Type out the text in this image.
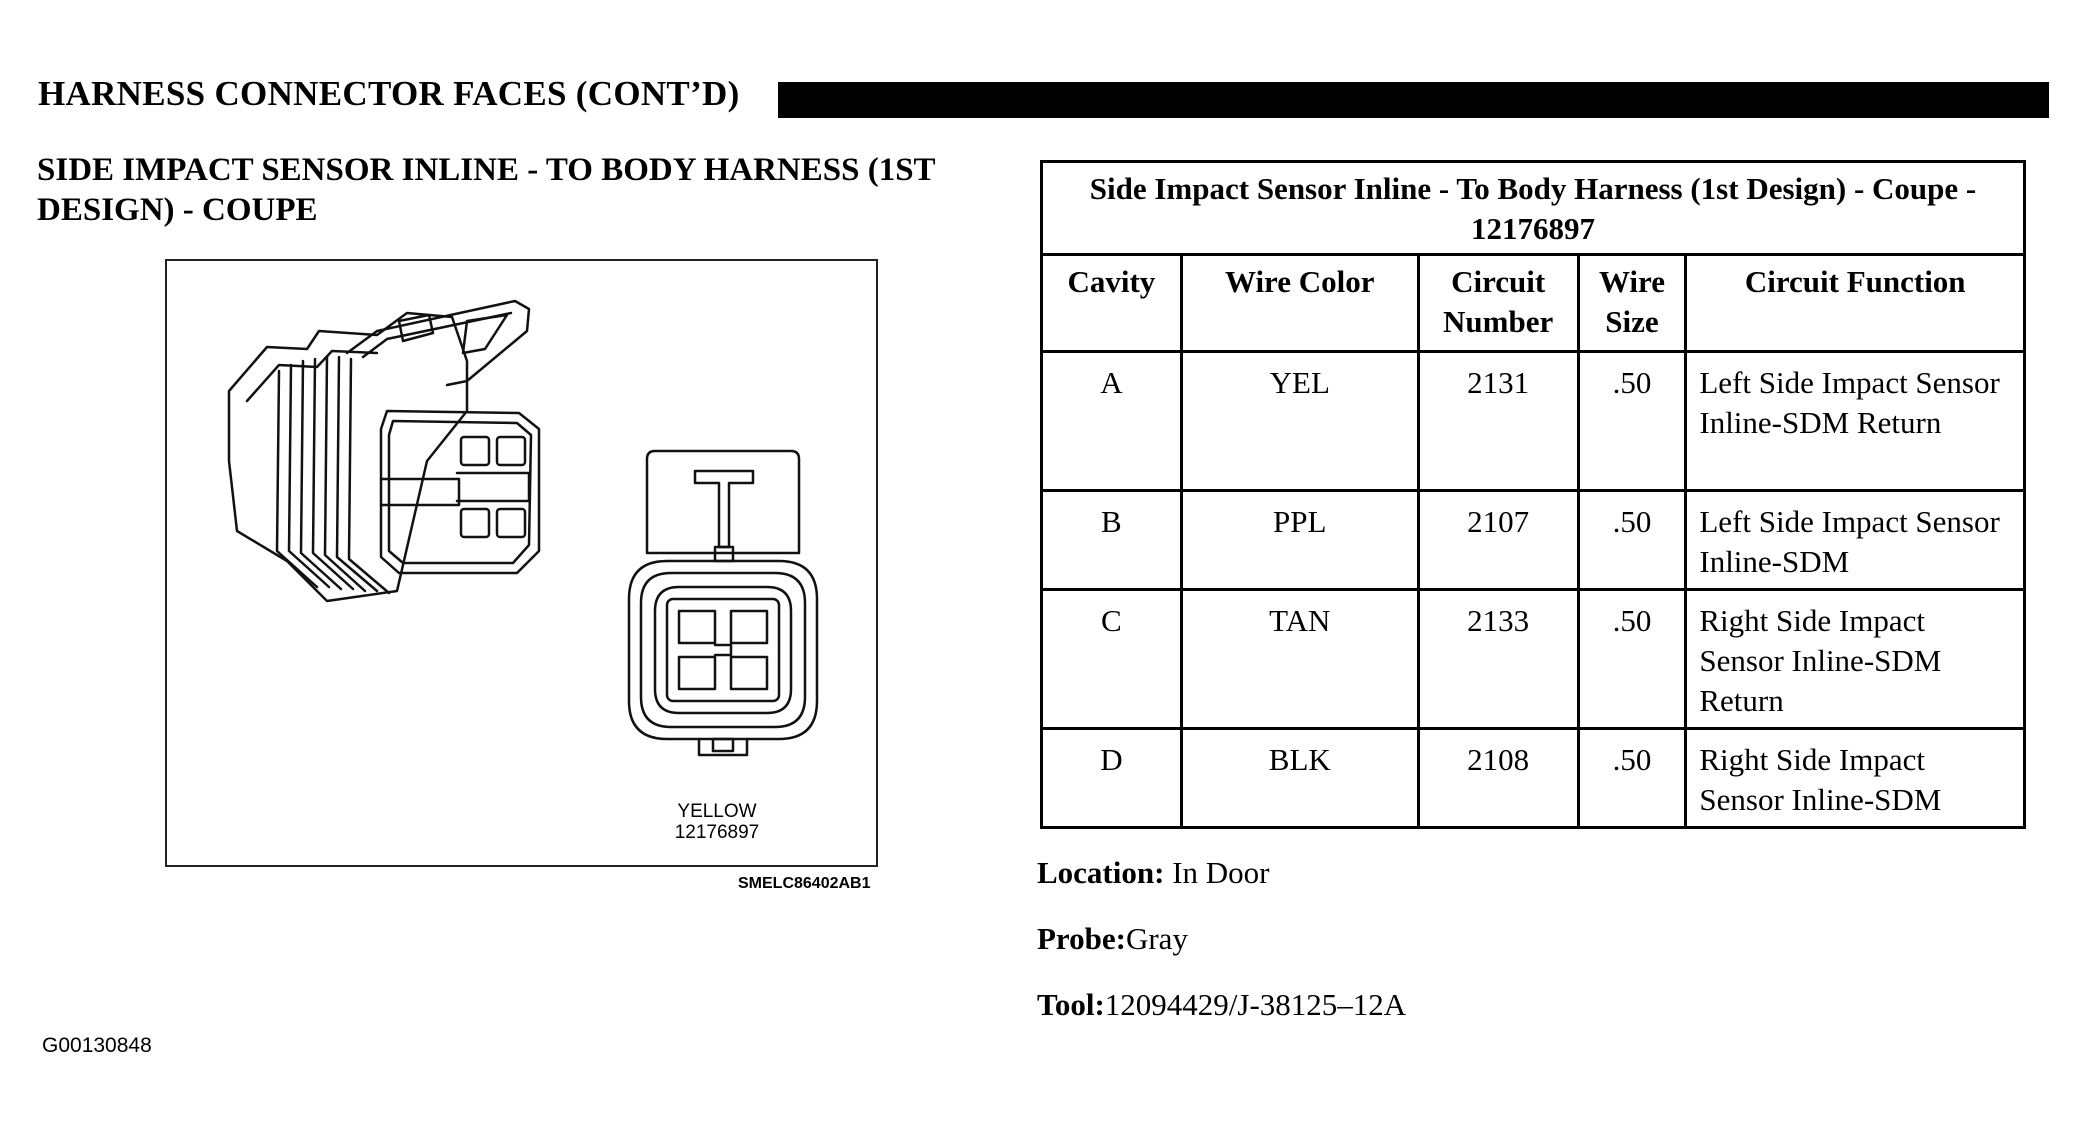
HARNESS CONNECTOR FACES (CONT’D)
SIDE IMPACT SENSOR INLINE - TO BODY HARNESS (1ST DESIGN) - COUPE
YELLOW
12176897
SMELC86402AB1
Side Impact Sensor Inline - To Body Harness (1st Design) - Coupe - 12176897				
Cavity	Wire Color	Circuit Number	Wire Size	Circuit Function
A	YEL	2131	.50	Left Side Impact Sensor Inline-SDM Return
B	PPL	2107	.50	Left Side Impact Sensor Inline-SDM
C	TAN	2133	.50	Right Side Impact Sensor Inline-SDM Return
D	BLK	2108	.50	Right Side Impact Sensor Inline-SDM
Location: In Door
Probe:Gray
Tool:12094429/J-38125–12A
G00130848
